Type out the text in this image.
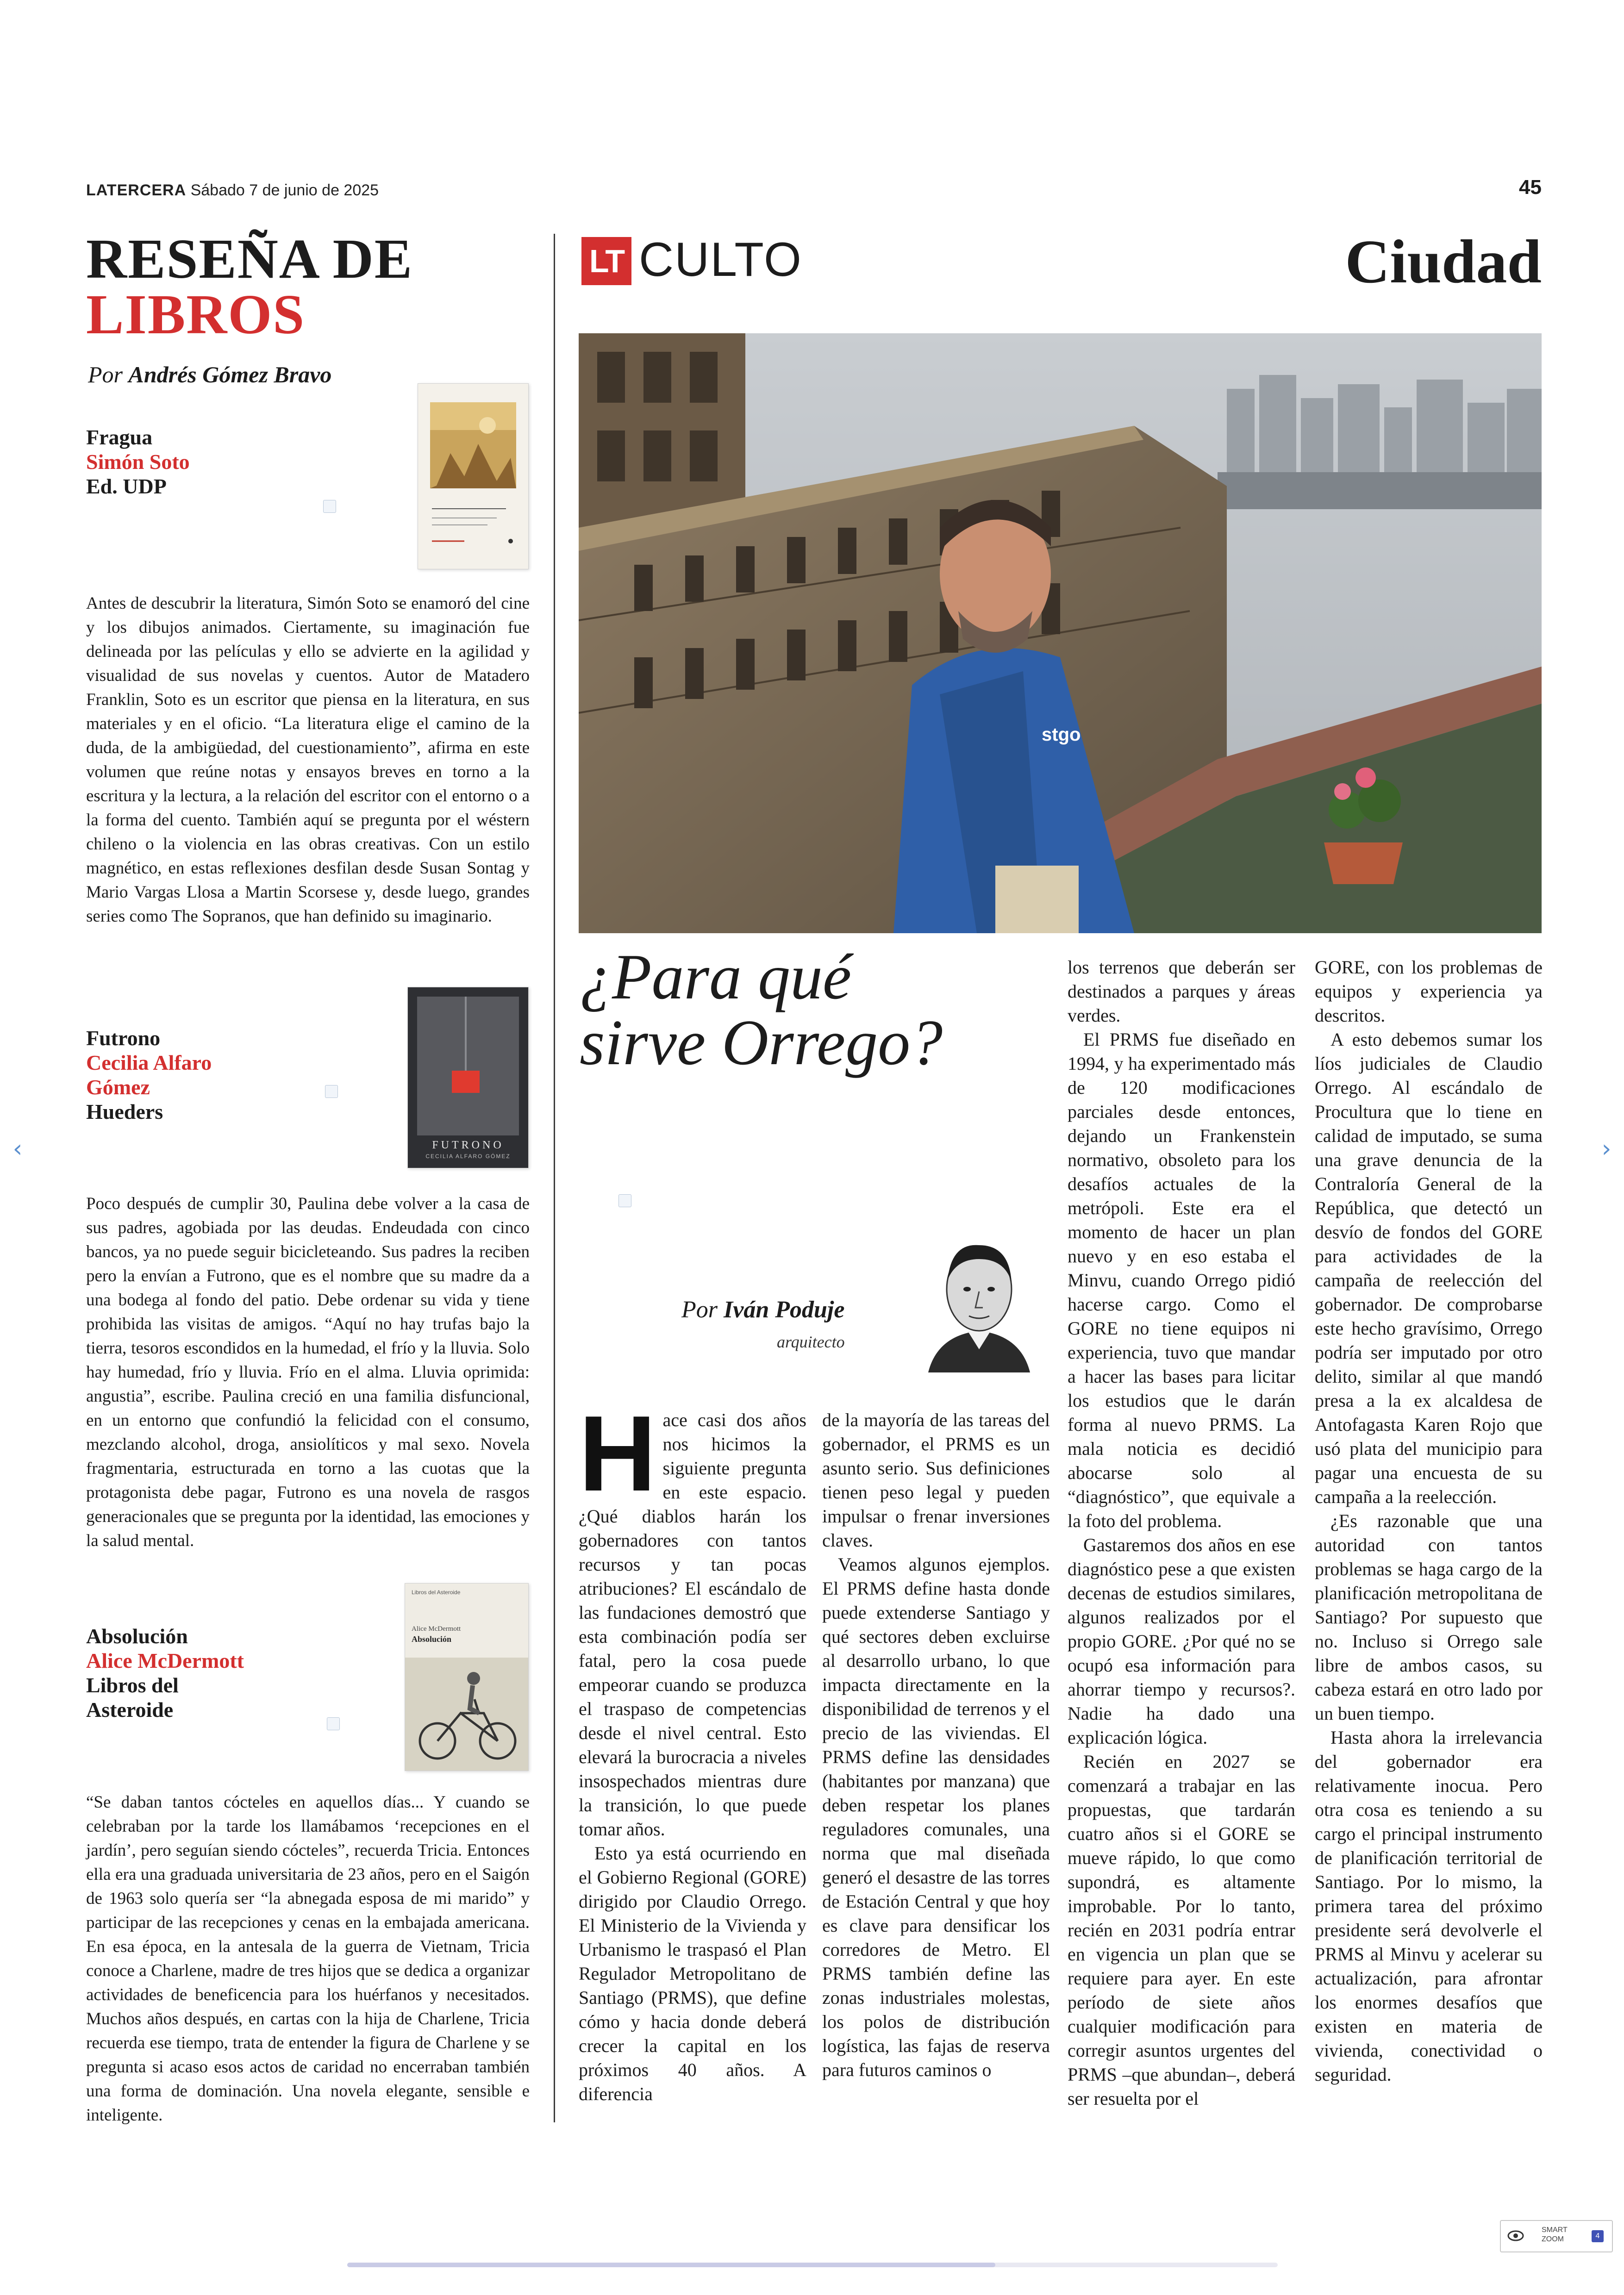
LATERCERA Sábado 7 de junio de 2025	45
RESEÑA DE
LIBROS
Por Andrés Gómez Bravo
Fragua
Simón Soto
Ed. UDP
Antes de descubrir la literatura, Simón Soto se enamoró del cine y los dibujos animados. Ciertamente, su imaginación fue delineada por las películas y ello se advierte en la agilidad y visualidad de sus novelas y cuentos. Autor de Matadero Franklin, Soto es un escritor que piensa en la literatura, en sus materiales y en el oficio. “La literatura elige el camino de la duda, de la ambigüedad, del cuestionamiento”, afirma en este volumen que reúne notas y ensayos breves en torno a la escritura y la lectura, a la relación del escritor con el entorno o a la forma del cuento. También aquí se pregunta por el wéstern chileno o la violencia en las obras creativas. Con un estilo magnético, en estas reflexiones desfilan desde Susan Sontag y Mario Vargas Llosa a Martin Scorsese y, desde luego, grandes series como The Sopranos, que han definido su imaginario.
Futrono
Cecilia Alfaro
Gómez
Hueders
FUTRONO
CECILIA ALFARO GÓMEZ
Poco después de cumplir 30, Paulina debe volver a la casa de sus padres, agobiada por las deudas. Endeudada con cinco bancos, ya no puede seguir bicicleteando. Sus padres la reciben pero la envían a Futrono, que es el nombre que su madre da a una bodega al fondo del patio. Debe ordenar su vida y tiene prohibida las visitas de amigos. “Aquí no hay trufas bajo la tierra, tesoros escondidos en la humedad, el frío y la lluvia. Solo hay humedad, frío y lluvia. Frío en el alma. Lluvia oprimida: angustia”, escribe. Paulina creció en una familia disfuncional, en un entorno que confundió la felicidad con el consumo, mezclando alcohol, droga, ansiolíticos y mal sexo. Novela fragmentaria, estructurada en torno a las cuotas que la protagonista debe pagar, Futrono es una novela de rasgos generacionales que se pregunta por la identidad, las emociones y la salud mental.
Absolución
Alice McDermott
Libros del
Asteroide
Libros del Asteroide
Alice McDermott
Absolución
“Se daban tantos cócteles en aquellos días... Y cuando se celebraban por la tarde los llamábamos ‘recepciones en el jardín’, pero seguían siendo cócteles”, recuerda Tricia. Entonces ella era una graduada universitaria de 23 años, pero en el Saigón de 1963 solo quería ser “la abnegada esposa de mi marido” y participar de las recepciones y cenas en la embajada americana. En esa época, en la antesala de la guerra de Vietnam, Tricia conoce a Charlene, madre de tres hijos que se dedica a organizar actividades de beneficencia para los huérfanos y necesitados. Muchos años después, en cartas con la hija de Charlene, Tricia recuerda ese tiempo, trata de entender la figura de Charlene y se pregunta si acaso esos actos de caridad no encerraban también una forma de dominación. Una novela elegante, sensible e inteligente.
LT CULTO	Ciudad
stgo
¿Para qué
sirve Orrego?
Por Iván Poduje
arquitecto
H ace casi dos años nos hicimos la siguiente pregunta en este espacio. ¿Qué diablos harán los gobernadores con tantos recursos y tan pocas atribuciones? El escándalo de las fundaciones demostró que esta combinación podía ser fatal, pero la cosa puede empeorar cuando se produzca el traspaso de competencias desde el nivel central. Esto elevará la burocracia a niveles insospechados mientras dure la transición, lo que puede tomar años.

Esto ya está ocurriendo en el Gobierno Regional (GORE) dirigido por Claudio Orrego. El Ministerio de la Vivienda y Urbanismo le traspasó el Plan Regulador Metropolitano de Santiago (PRMS), que define cómo y hacia donde deberá crecer la capital en los próximos 40 años. A diferencia

de la mayoría de las tareas del gobernador, el PRMS es un asunto serio. Sus definiciones tienen peso legal y pueden impulsar o frenar inversiones claves.

Veamos algunos ejemplos. El PRMS define hasta donde puede extenderse Santiago y qué sectores deben excluirse al desarrollo urbano, lo que impacta directamente en la disponibilidad de terrenos y el precio de las viviendas. El PRMS define las densidades (habitantes por manzana) que deben respetar los planes reguladores comunales, una norma que mal diseñada generó el desastre de las torres de Estación Central y que hoy es clave para densificar los corredores de Metro. El PRMS también define las zonas industriales molestas, los polos de distribución logística, las fajas de reserva para futuros caminos o

los terrenos que deberán ser destinados a parques y áreas verdes.

El PRMS fue diseñado en 1994, y ha experimentado más de 120 modificaciones parciales desde entonces, dejando un Frankenstein normativo, obsoleto para los desafíos actuales de la metrópoli. Este era el momento de hacer un plan nuevo y en eso estaba el Minvu, cuando Orrego pidió hacerse cargo. Como el GORE no tiene equipos ni experiencia, tuvo que mandar a hacer las bases para licitar los estudios que le darán forma al nuevo PRMS. La mala noticia es decidió abocarse solo al “diagnóstico”, que equivale a la foto del problema.

Gastaremos dos años en ese diagnóstico pese a que existen decenas de estudios similares, algunos realizados por el propio GORE. ¿Por qué no se ocupó esa información para ahorrar tiempo y recursos?. Nadie ha dado una explicación lógica.

Recién en 2027 se comenzará a trabajar en las propuestas, que tardarán cuatro años si el GORE se mueve rápido, lo que como supondrá, es altamente improbable. Por lo tanto, recién en 2031 podría entrar en vigencia un plan que se requiere para ayer. En este período de siete años cualquier modificación para corregir asuntos urgentes del PRMS –que abundan–, deberá ser resuelta por el

GORE, con los problemas de equipos y experiencia ya descritos.

A esto debemos sumar los líos judiciales de Claudio Orrego. Al escándalo de Procultura que lo tiene en calidad de imputado, se suma una grave denuncia de la Contraloría General de la República, que detectó un desvío de fondos del GORE para actividades de la campaña de reelección del gobernador. De comprobarse este hecho gravísimo, Orrego podría ser imputado por otro delito, similar al que mandó presa a la ex alcaldesa de Antofagasta Karen Rojo que usó plata del municipio para pagar una encuesta de su campaña a la reelección.

¿Es razonable que una autoridad con tantos problemas se haga cargo de la planificación metropolitana de Santiago? Por supuesto que no. Incluso si Orrego sale libre de ambos casos, su cabeza estará en otro lado por un buen tiempo.

Hasta ahora la irrelevancia del gobernador era relativamente inocua. Pero otra cosa es teniendo a su cargo el principal instrumento de planificación territorial de Santiago. Por lo mismo, la primera tarea del próximo presidente será devolverle el PRMS al Minvu y acelerar su actualización, para afrontar los enormes desafíos que existen en materia de vivienda, conectividad o seguridad.

‹	›
SMART
ZOOM	4
